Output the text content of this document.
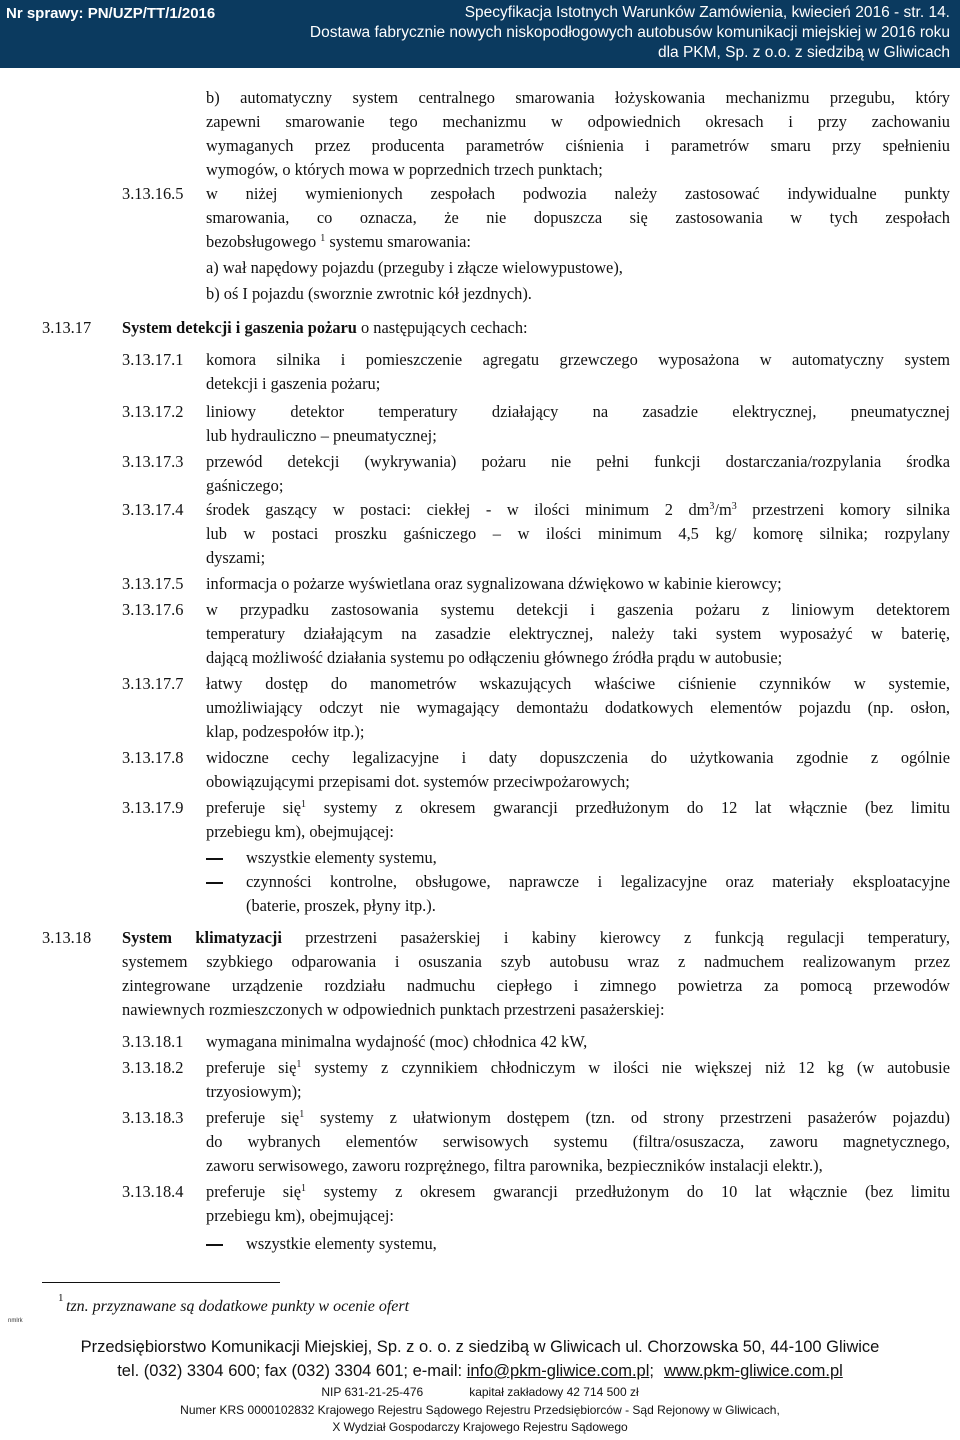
Nr sprawy: PN/UZP/TT/1/2016	Specyfikacja Istotnych Warunków Zamówienia, kwiecień 2016 - str. 14.
Dostawa fabrycznie nowych niskopodłogowych autobusów komunikacji miejskiej w 2016 roku
dla PKM, Sp. z o.o. z siedzibą w Gliwicach
b) automatyczny system centralnego smarowania łożyskowania mechanizmu przegubu, który
zapewni smarowanie tego mechanizmu w odpowiednich okresach i przy zachowaniu
wymaganych przez producenta parametrów ciśnienia i parametrów smaru przy spełnieniu
wymogów, o których mowa w poprzednich trzech punktach;
3.13.16.5 w niżej wymienionych zespołach podwozia należy zastosować indywidualne punkty
smarowania, co oznacza, że nie dopuszcza się zastosowania w tych zespołach
bezobsługowego $^1$ systemu smarowania:
a) wał napędowy pojazdu (przeguby i złącze wielowypustowe),
b) oś I pojazdu (sworznie zwrotnic kół jezdnych).
3.13.17 System detekcji i gaszenia pożaru o następujących cechach:
3.13.17.1 komora silnika i pomieszczenie agregatu grzewczego wyposażona w automatyczny system
detekcji i gaszenia pożaru;
3.13.17.2 liniowy detektor temperatury działający na zasadzie elektrycznej, pneumatycznej
lub hydrauliczno – pneumatycznej;
3.13.17.3 przewód detekcji (wykrywania) pożaru nie pełni funkcji dostarczania/rozpylania środka
gaśniczego;
3.13.17.4 środek gaszący w postaci: ciekłej - w ilości minimum 2 $dm^3/m^3$ przestrzeni komory silnika
lub w postaci proszku gaśniczego – w ilości minimum 4,5 kg/ komorę silnika; rozpylany
dyszami;
3.13.17.5 informacja o pożarze wyświetlana oraz sygnalizowana dźwiękowo w kabinie kierowcy;
3.13.17.6 w przypadku zastosowania systemu detekcji i gaszenia pożaru z liniowym detektorem
temperatury działającym na zasadzie elektrycznej, należy taki system wyposażyć w baterię,
dającą możliwość działania systemu po odłączeniu głównego źródła prądu w autobusie;
3.13.17.7 łatwy dostęp do manometrów wskazujących właściwe ciśnienie czynników w systemie,
umożliwiający odczyt nie wymagający demontażu dodatkowych elementów pojazdu (np. osłon,
klap, podzespołów itp.);
3.13.17.8 widoczne cechy legalizacyjne i daty dopuszczenia do użytkowania zgodnie z ogólnie
obowiązującymi przepisami dot. systemów przeciwpożarowych;
3.13.17.9 preferuje się$^1$ systemy z okresem gwarancji przedłużonym do 12 lat włącznie (bez limitu
przebiegu km), obejmującej:
wszystkie elementy systemu,
czynności kontrolne, obsługowe, naprawcze i legalizacyjne oraz materiały eksploatacyjne
(baterie, proszek, płyny itp.).
3.13.18 System klimatyzacji przestrzeni pasażerskiej i kabiny kierowcy z funkcją regulacji temperatury,
systemem szybkiego odparowania i osuszania szyb autobusu wraz z nadmuchem realizowanym przez
zintegrowane urządzenie rozdziału nadmuchu ciepłego i zimnego powietrza za pomocą przewodów
nawiewnych rozmieszczonych w odpowiednich punktach przestrzeni pasażerskiej:
3.13.18.1 wymagana minimalna wydajność (moc) chłodnica 42 kW,
3.13.18.2 preferuje się$^1$ systemy z czynnikiem chłodniczym w ilości nie większej niż 12 kg (w autobusie
trzyosiowym);
3.13.18.3 preferuje się$^1$ systemy z ułatwionym dostępem (tzn. od strony przestrzeni pasażerów pojazdu)
do wybranych elementów serwisowych systemu (filtra/osuszacza, zaworu magnetycznego,
zaworu serwisowego, zaworu rozprężnego, filtra parownika, bezpieczników instalacji elektr.),
3.13.18.4 preferuje się$^1$ systemy z okresem gwarancji przedłużonym do 10 lat włącznie (bez limitu
przebiegu km), obejmującej:
wszystkie elementy systemu,
1 tzn. przyznawane są dodatkowe punkty w ocenie ofert
nmlrk
Przedsiębiorstwo Komunikacji Miejskiej, Sp. z o. o. z siedzibą w Gliwicach ul. Chorzowska 50, 44-100 Gliwice
tel. (032) 3304 600; fax (032) 3304 601; e-mail: info@pkm-gliwice.com.pl; www.pkm-gliwice.com.pl
NIP 631-21-25-476	kapitał zakładowy 42 714 500 zł
Numer KRS 0000102832 Krajowego Rejestru Sądowego Rejestru Przedsiębiorców - Sąd Rejonowy w Gliwicach,
X Wydział Gospodarczy Krajowego Rejestru Sądowego
